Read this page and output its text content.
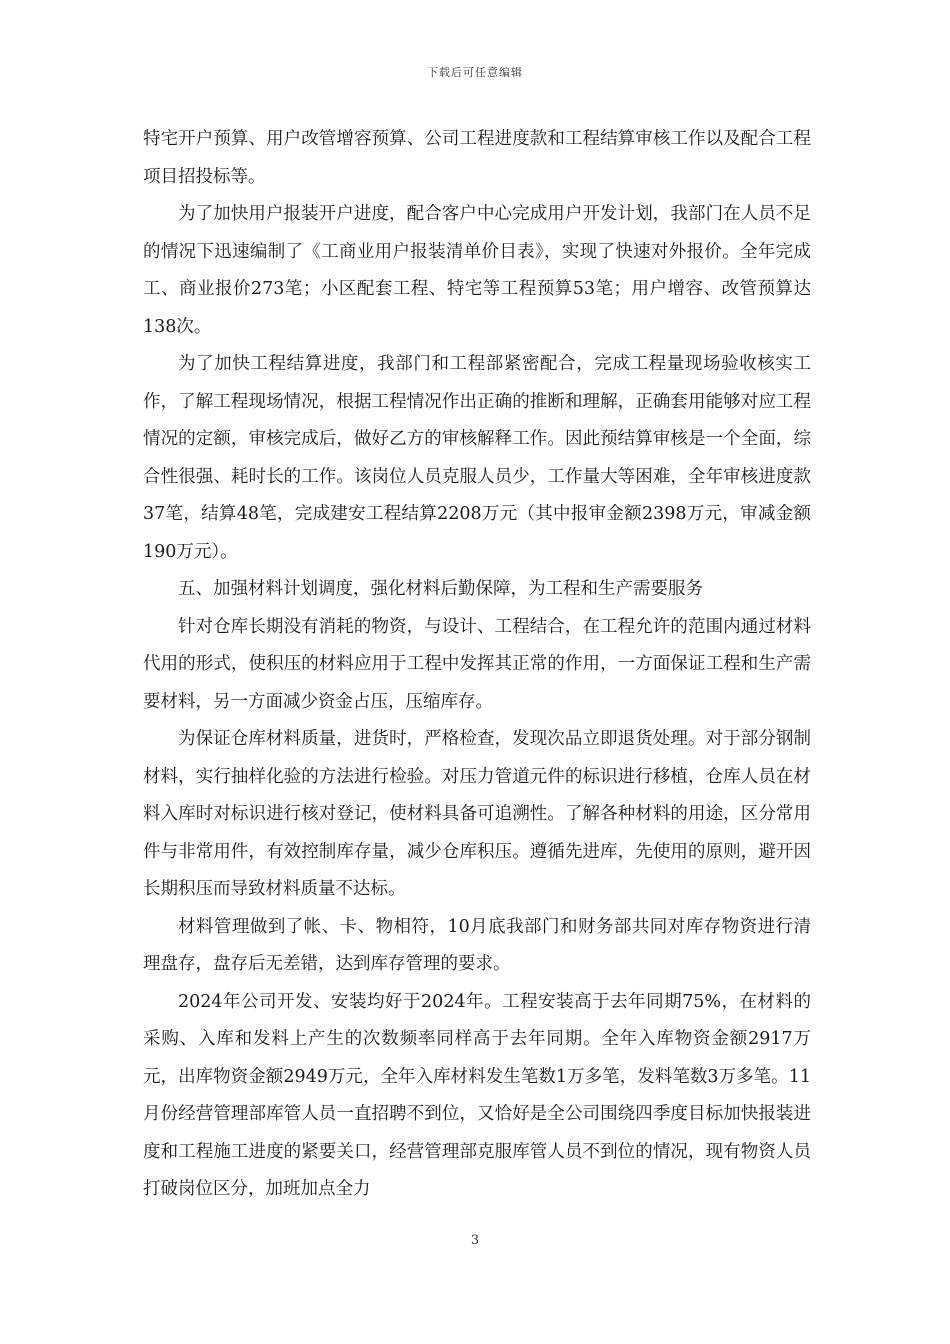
下载后可任意编辑

特宅开户预算、用户改管增容预算、公司工程进度款和工程结算审核工作以及配合工程项目招投标等。

为了加快用户报装开户进度，配合客户中心完成用户开发计划，我部门在人员不足的情况下迅速编制了《工商业用户报装清单价目表》，实现了快速对外报价。全年完成工、商业报价273笔；小区配套工程、特宅等工程预算53笔；用户增容、改管预算达138次。

为了加快工程结算进度，我部门和工程部紧密配合，完成工程量现场验收核实工作，了解工程现场情况，根据工程情况作出正确的推断和理解，正确套用能够对应工程情况的定额，审核完成后，做好乙方的审核解释工作。因此预结算审核是一个全面，综合性很强、耗时长的工作。该岗位人员克服人员少，工作量大等困难，全年审核进度款37笔，结算48笔，完成建安工程结算2208万元（其中报审金额2398万元，审减金额190万元）。

五、加强材料计划调度，强化材料后勤保障，为工程和生产需要服务

针对仓库长期没有消耗的物资，与设计、工程结合，在工程允许的范围内通过材料代用的形式，使积压的材料应用于工程中发挥其正常的作用，一方面保证工程和生产需要材料，另一方面减少资金占压，压缩库存。

为保证仓库材料质量，进货时，严格检查，发现次品立即退货处理。对于部分钢制材料，实行抽样化验的方法进行检验。对压力管道元件的标识进行移植，仓库人员在材料入库时对标识进行核对登记，使材料具备可追溯性。了解各种材料的用途，区分常用件与非常用件，有效控制库存量，减少仓库积压。遵循先进库，先使用的原则，避开因长期积压而导致材料质量不达标。

材料管理做到了帐、卡、物相符，10月底我部门和财务部共同对库存物资进行清理盘存，盘存后无差错，达到库存管理的要求。

2024年公司开发、安装均好于2024年。工程安装高于去年同期75%，在材料的采购、入库和发料上产生的次数频率同样高于去年同期。全年入库物资金额2917万元，出库物资金额2949万元，全年入库材料发生笔数1万多笔，发料笔数3万多笔。11月份经营管理部库管人员一直招聘不到位，又恰好是全公司围绕四季度目标加快报装进度和工程施工进度的紧要关口，经营管理部克服库管人员不到位的情况，现有物资人员打破岗位区分，加班加点全力

3
